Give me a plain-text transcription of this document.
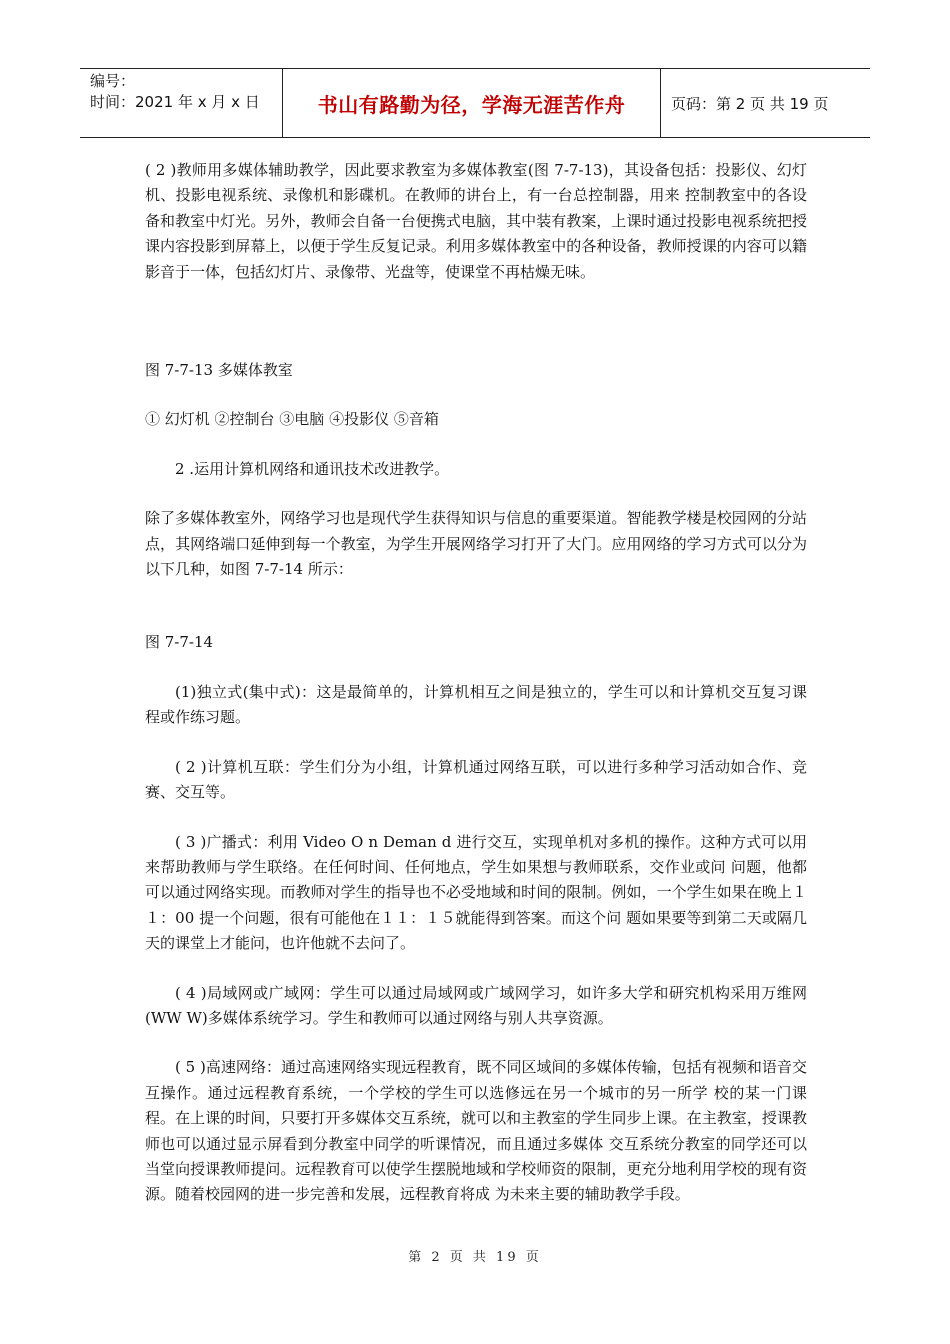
编号：
时间：2021 年 x 月 x 日	书山有路勤为径，学海无涯苦作舟	页码：第 2 页 共 19 页

( 2 )教师用多媒体辅助教学，因此要求教室为多媒体教室(图 7-7-13)，其设备包括：投影仪、幻灯机、投影电视系统、录像机和影碟机。在教师的讲台上，有一台总控制器，用来 控制教室中的各设备和教室中灯光。另外，教师会自备一台便携式电脑，其中装有教案，上课时通过投影电视系统把授课内容投影到屏幕上，以便于学生反复记录。利用多媒体教室中的各种设备，教师授课的内容可以籍影音于一体，包括幻灯片、录像带、光盘等，使课堂不再枯燥无味。

图 7-7-13 多媒体教室

① 幻灯机 ②控制台 ③电脑 ④投影仪 ⑤音箱

2 .运用计算机网络和通讯技术改进教学。

除了多媒体教室外，网络学习也是现代学生获得知识与信息的重要渠道。智能教学楼是校园网的分站点，其网络端口延伸到每一个教室，为学生开展网络学习打开了大门。应用网络的学习方式可以分为以下几种，如图 7-7-14 所示：

图 7-7-14

(1)独立式(集中式)：这是最简单的，计算机相互之间是独立的，学生可以和计算机交互复习课程或作练习题。

( 2 )计算机互联：学生们分为小组，计算机通过网络互联，可以进行多种学习活动如合作、竞赛、交互等。

( 3 )广播式：利用 Video O n Deman d 进行交互，实现单机对多机的操作。这种方式可以用来帮助教师与学生联络。在任何时间、任何地点，学生如果想与教师联系，交作业或问 问题，他都可以通过网络实现。而教师对学生的指导也不必受地域和时间的限制。例如，一个学生如果在晚上１１：00 提一个问题，很有可能他在１１：１５就能得到答案。而这个问 题如果要等到第二天或隔几天的课堂上才能问，也许他就不去问了。

( 4 )局域网或广域网：学生可以通过局域网或广域网学习，如许多大学和研究机构采用万维网(WW W)多媒体系统学习。学生和教师可以通过网络与别人共享资源。

( 5 )高速网络：通过高速网络实现远程教育，既不同区域间的多媒体传输，包括有视频和语音交互操作。通过远程教育系统，一个学校的学生可以选修远在另一个城市的另一所学 校的某一门课程。在上课的时间，只要打开多媒体交互系统，就可以和主教室的学生同步上课。在主教室，授课教师也可以通过显示屏看到分教室中同学的听课情况，而且通过多媒体 交互系统分教室的同学还可以当堂向授课教师提问。远程教育可以使学生摆脱地域和学校师资的限制，更充分地利用学校的现有资源。随着校园网的进一步完善和发展，远程教育将成 为未来主要的辅助教学手段。

第 2 页 共 19 页
